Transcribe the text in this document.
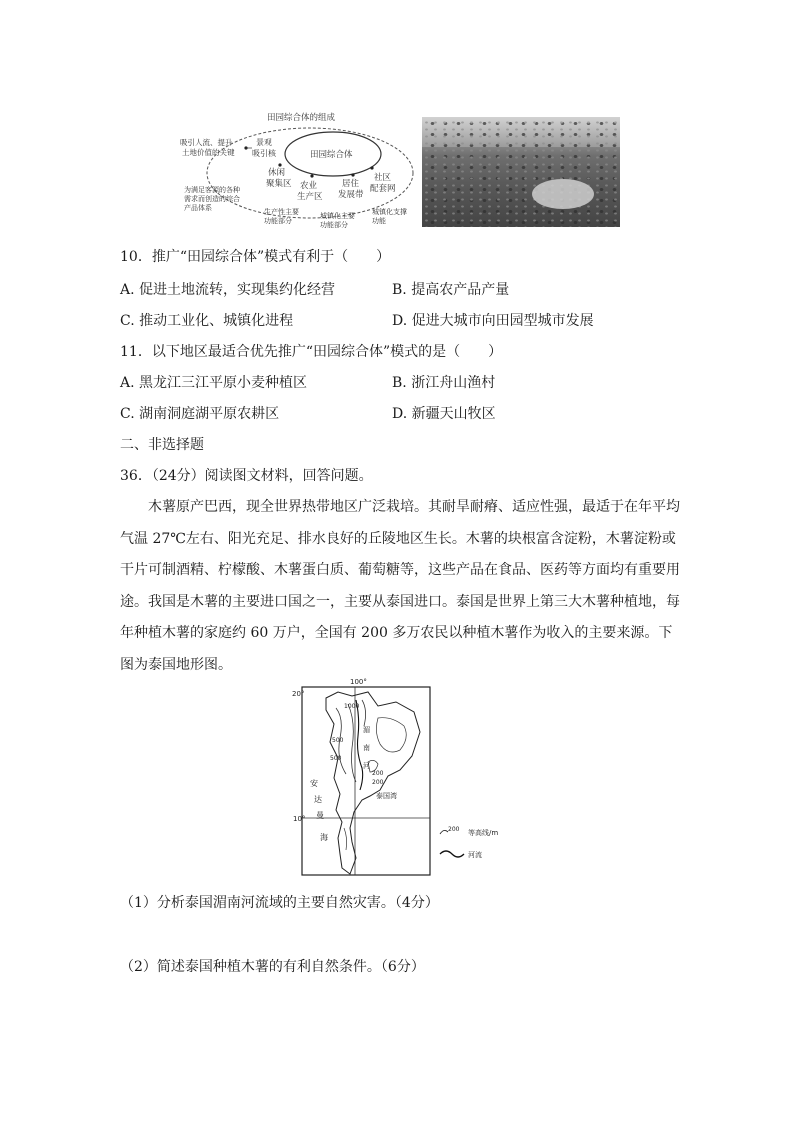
田园综合体的组成
田园综合体
吸引人流、提升 土地价值的关键
景观 吸引核
休闲 聚集区 农业 生产区
居住 发展带
社区 配套网
为满足客源的各种 需求而创造的综合 产品体系	生产性主要 功能部分
城镇化主要 功能部分
城镇化支撑 功能
10．推广“田园综合体”模式有利于（　　）
A. 促进土地流转，实现集约化经营	B. 提高农产品产量
C. 推动工业化、城镇化进程	D. 促进大城市向田园型城市发展
11．以下地区最适合优先推广“田园综合体”模式的是（　　）
A. 黑龙江三江平原小麦种植区	B. 浙江舟山渔村
C. 湖南洞庭湖平原农耕区	D. 新疆天山牧区
二、非选择题
36．（24分）阅读图文材料，回答问题。
木薯原产巴西，现全世界热带地区广泛栽培。其耐旱耐瘠、适应性强，最适于在年平均气温 27℃左右、阳光充足、排水良好的丘陵地区生长。木薯的块根富含淀粉，木薯淀粉或干片可制酒精、柠檬酸、木薯蛋白质、葡萄糖等，这些产品在食品、医药等方面均有重要用途。我国是木薯的主要进口国之一，主要从泰国进口。泰国是世界上第三大木薯种植地，每年种植木薯的家庭约 60 万户，全国有 200 多万农民以种植木薯作为收入的主要来源。下图为泰国地形图。
100°
20°
10°
1000
500
500
200
200
湄
南
河
安
达
曼
海
泰国湾
200 等高线/m
河流
（1）分析泰国湄南河流域的主要自然灾害。（4分）
（2）简述泰国种植木薯的有利自然条件。（6分）
